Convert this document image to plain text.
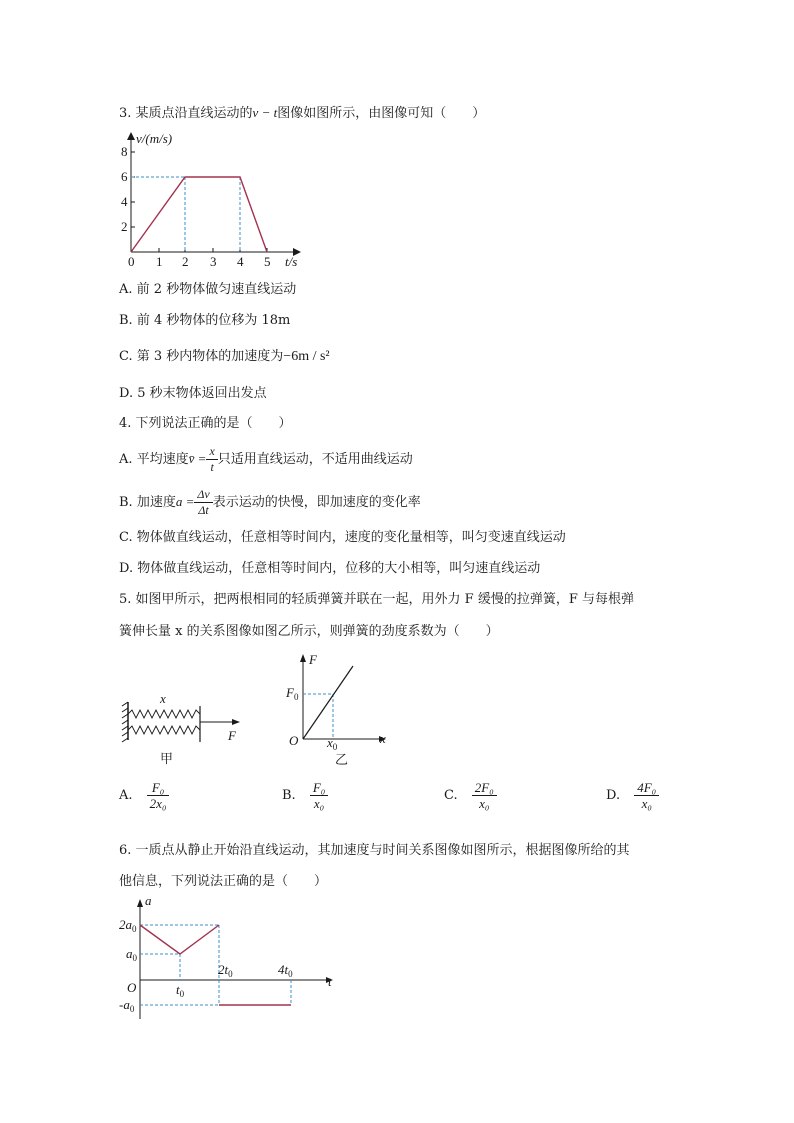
3. 某质点沿直线运动的v − t图像如图所示，由图像可知（　　）
v/(m/s)
8
6
4
2
0 1 2 3 4 5 t/s
A. 前 2 秒物体做匀速直线运动
B. 前 4 秒物体的位移为 18m
C. 第 3 秒内物体的加速度为−6m / s²
D. 5 秒末物体返回出发点
4. 下列说法正确的是（　　）
A. 平均速度v̄ = $\frac{x}{t}$ 只适用直线运动，不适用曲线运动
B. 加速度$a = \frac{\Delta v}{\Delta t}$ 表示运动的快慢，即加速度的变化率
C. 物体做直线运动，任意相等时间内，速度的变化量相等，叫匀变速直线运动
D. 物体做直线运动，任意相等时间内，位移的大小相等，叫匀速直线运动
5. 如图甲所示，把两根相同的轻质弹簧并联在一起，用外力 F 缓慢的拉弹簧，F 与每根弹
簧伸长量 x 的关系图像如图乙所示，则弹簧的劲度系数为（　　）
x
F
甲
F
$F_0$
O $x_0$
x
乙
A. $\frac{\text{F₀}}{\text{2x₀}}$	B. $\frac{\text{F₀}}{\text{x₀}}$	C. $\frac{\text{2F₀}}{\text{x₀}}$	D. $\frac{\text{4F₀}}{\text{x₀}}$
6. 一质点从静止开始沿直线运动，其加速度与时间关系图像如图所示，根据图像所给的其
他信息，下列说法正确的是（　　）
a
t
$2a_0$
$a_0$
O
$-a_0$
$t_0$
$2t_0$	$4t_0$
